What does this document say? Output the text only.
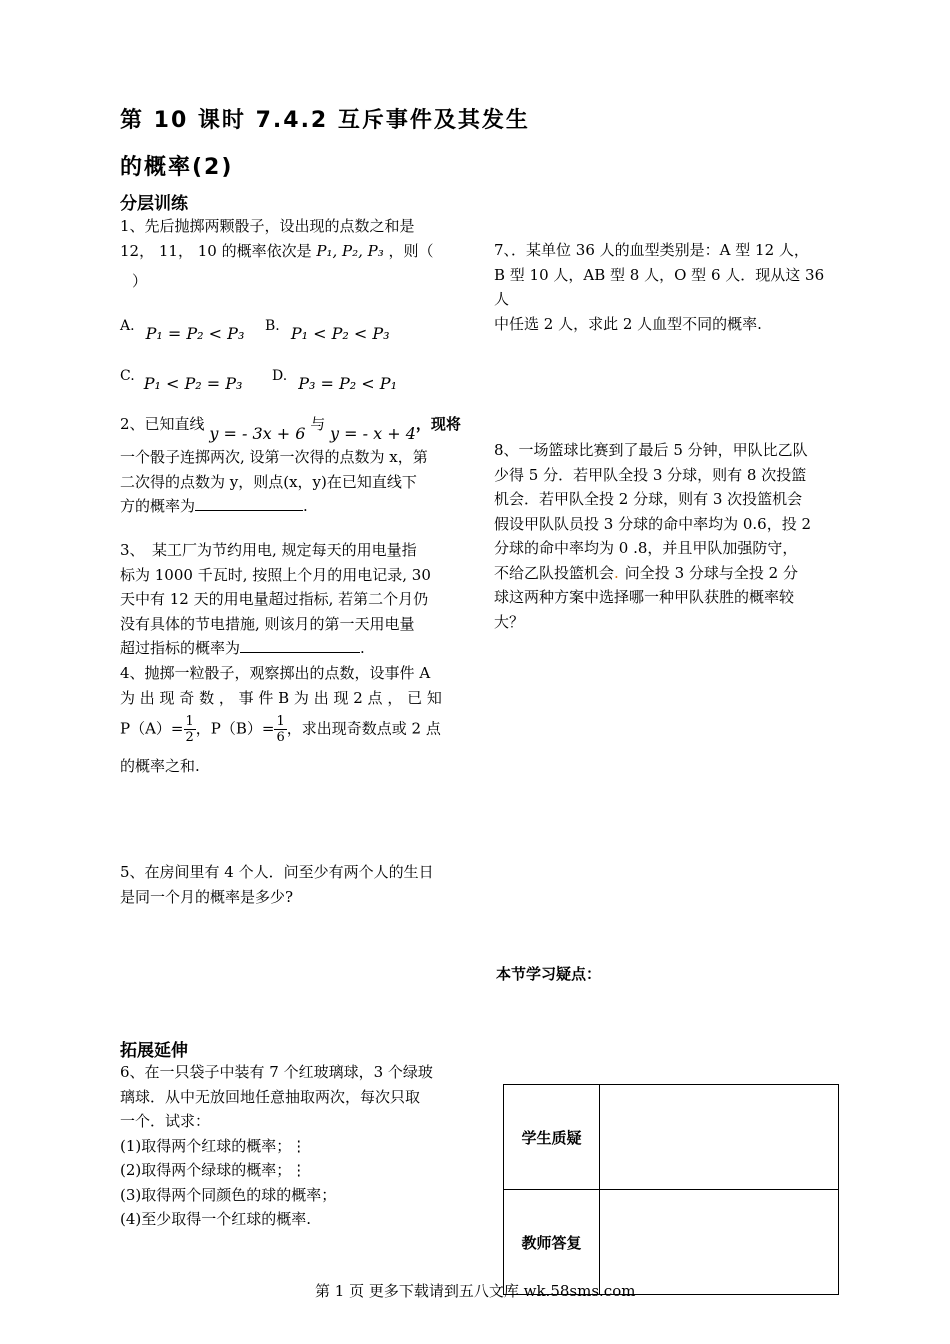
第 10 课时 7.4.2 互斥事件及其发生
的概率(2)
分层训练
1、先后抛掷两颗骰子，设出现的点数之和是
12， 11， 10 的概率依次是 P₁, P₂, P₃ ，则（
）
A. P₁ = P₂ < P₃ B. P₁ < P₂ < P₃
C. P₁ < P₂ = P₃ D. P₃ = P₂ < P₁
2、已知直线 y = - 3x + 6 与 y = - x + 4，现将
一个骰子连掷两次, 设第一次得的点数为 x，第
二次得的点数为 y，则点(x，y)在已知直线下
方的概率为	.
3、　某工厂为节约用电, 规定每天的用电量指
标为 1000 千瓦时, 按照上个月的用电记录, 30
天中有 12 天的用电量超过指标, 若第二个月仍
没有具体的节电措施, 则该月的第一天用电量
超过指标的概率为	.
4、抛掷一粒骰子，观察掷出的点数，设事件 A
为 出 现 奇 数 ， 事 件 B 为 出 现 2 点 ， 已 知
$P(A)= \frac{1}{2}$ ，$P(B)= \frac{1}{6}$ ，求出现奇数点或 2 点
的概率之和.
5、在房间里有 4 个人．问至少有两个人的生日
是同一个月的概率是多少?
拓展延伸
6、在一只袋子中装有 7 个红玻璃球，3 个绿玻
璃球．从中无放回地任意抽取两次，每次只取
一个．试求：
(1)取得两个红球的概率；⋮
(2)取得两个绿球的概率；⋮
(3)取得两个同颜色的球的概率；
(4)至少取得一个红球的概率.
7、．某单位 36 人的血型类别是：A 型 12 人，
B 型 10 人，AB 型 8 人，O 型 6 人．现从这 36 人
中任选 2 人，求此 2 人血型不同的概率.
8、一场篮球比赛到了最后 5 分钟，甲队比乙队
少得 5 分．若甲队全投 3 分球，则有 8 次投篮
机会．若甲队全投 2 分球，则有 3 次投篮机会
假设甲队队员投 3 分球的命中率均为 0.6，投 2
分球的命中率均为 0 .8，并且甲队加强防守，
不给乙队投篮机会. 问全投 3 分球与全投 2 分
球这两种方案中选择哪一种甲队获胜的概率较
大？
本节学习疑点：
学生质疑	
教师答复	
第 1 页 更多下载请到五八文库 wk.58sms.com
